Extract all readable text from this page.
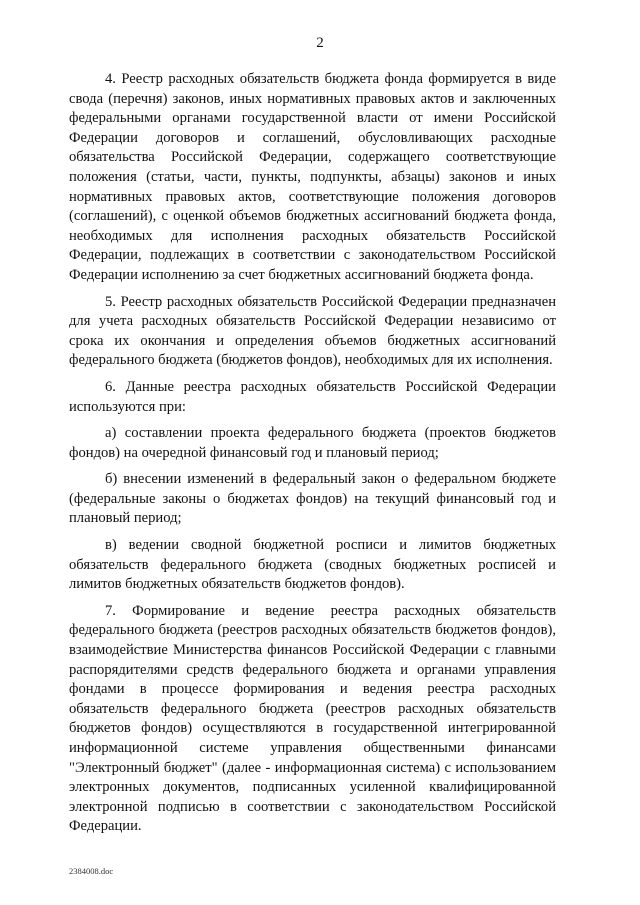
2

4. Реестр расходных обязательств бюджета фонда формируется в виде свода (перечня) законов, иных нормативных правовых актов и заключенных федеральными органами государственной власти от имени Российской Федерации договоров и соглашений, обусловливающих расходные обязательства Российской Федерации, содержащего соответствующие положения (статьи, части, пункты, подпункты, абзацы) законов и иных нормативных правовых актов, соответствующие положения договоров (соглашений), с оценкой объемов бюджетных ассигнований бюджета фонда, необходимых для исполнения расходных обязательств Российской Федерации, подлежащих в соответствии с законодательством Российской Федерации исполнению за счет бюджетных ассигнований бюджета фонда.

5. Реестр расходных обязательств Российской Федерации предназначен для учета расходных обязательств Российской Федерации независимо от срока их окончания и определения объемов бюджетных ассигнований федерального бюджета (бюджетов фондов), необходимых для их исполнения.

6. Данные реестра расходных обязательств Российской Федерации используются при:

а) составлении проекта федерального бюджета (проектов бюджетов фондов) на очередной финансовый год и плановый период;

б) внесении изменений в федеральный закон о федеральном бюджете (федеральные законы о бюджетах фондов) на текущий финансовый год и плановый период;

в) ведении сводной бюджетной росписи и лимитов бюджетных обязательств федерального бюджета (сводных бюджетных росписей и лимитов бюджетных обязательств бюджетов фондов).

7. Формирование и ведение реестра расходных обязательств федерального бюджета (реестров расходных обязательств бюджетов фондов), взаимодействие Министерства финансов Российской Федерации с главными распорядителями средств федерального бюджета и органами управления фондами в процессе формирования и ведения реестра расходных обязательств федерального бюджета (реестров расходных обязательств бюджетов фондов) осуществляются в государственной интегрированной информационной системе управления общественными финансами "Электронный бюджет" (далее - информационная система) с использованием электронных документов, подписанных усиленной квалифицированной электронной подписью в соответствии с законодательством Российской Федерации.

2384008.doc
